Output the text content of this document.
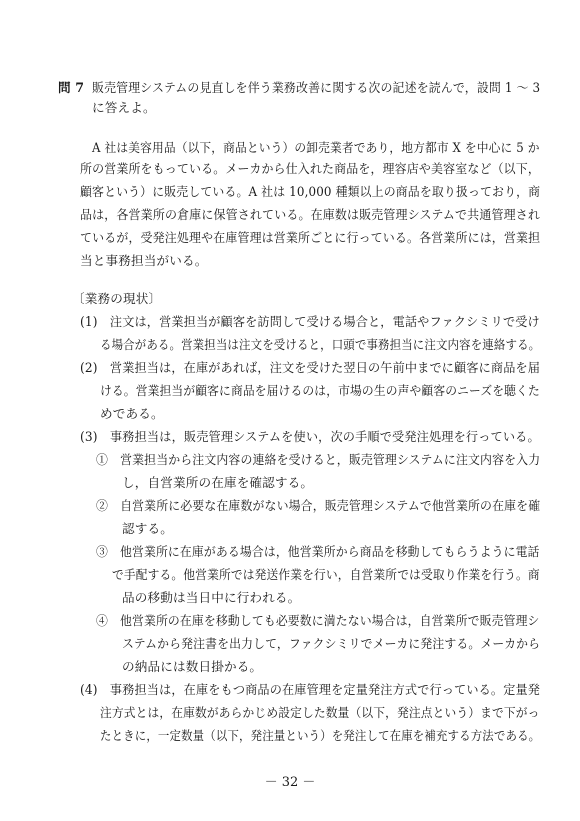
問 7 販売管理システムの見直しを伴う業務改善に関する次の記述を読んで，設問 1 ～ 3
に答えよ。
A 社は美容用品（以下，商品という）の卸売業者であり，地方都市 X を中心に 5 か
所の営業所をもっている。メーカから仕入れた商品を，理容店や美容室など（以下，
顧客という）に販売している。A 社は 10,000 種類以上の商品を取り扱っており，商
品は，各営業所の倉庫に保管されている。在庫数は販売管理システムで共通管理され
ているが，受発注処理や在庫管理は営業所ごとに行っている。各営業所には，営業担
当と事務担当がいる。
〔業務の現状〕
(1)　注文は，営業担当が顧客を訪問して受ける場合と，電話やファクシミリで受け
る場合がある。営業担当は注文を受けると，口頭で事務担当に注文内容を連絡する。
(2)　営業担当は，在庫があれば，注文を受けた翌日の午前中までに顧客に商品を届
ける。営業担当が顧客に商品を届けるのは，市場の生の声や顧客のニーズを聴くた
めである。
(3)　事務担当は，販売管理システムを使い，次の手順で受発注処理を行っている。
①　営業担当から注文内容の連絡を受けると，販売管理システムに注文内容を入力
し，自営業所の在庫を確認する。
②　自営業所に必要な在庫数がない場合，販売管理システムで他営業所の在庫を確
認する。
③　他営業所に在庫がある場合は，他営業所から商品を移動してもらうように電話
で手配する。他営業所では発送作業を行い，自営業所では受取り作業を行う。商
品の移動は当日中に行われる。
④　他営業所の在庫を移動しても必要数に満たない場合は，自営業所で販売管理シ
ステムから発注書を出力して，ファクシミリでメーカに発注する。メーカから
の納品には数日掛かる。
(4)　事務担当は，在庫をもつ商品の在庫管理を定量発注方式で行っている。定量発
注方式とは，在庫数があらかじめ設定した数量（以下，発注点という）まで下がっ
たときに，一定数量（以下，発注量という）を発注して在庫を補充する方法である。
－ 32 －
